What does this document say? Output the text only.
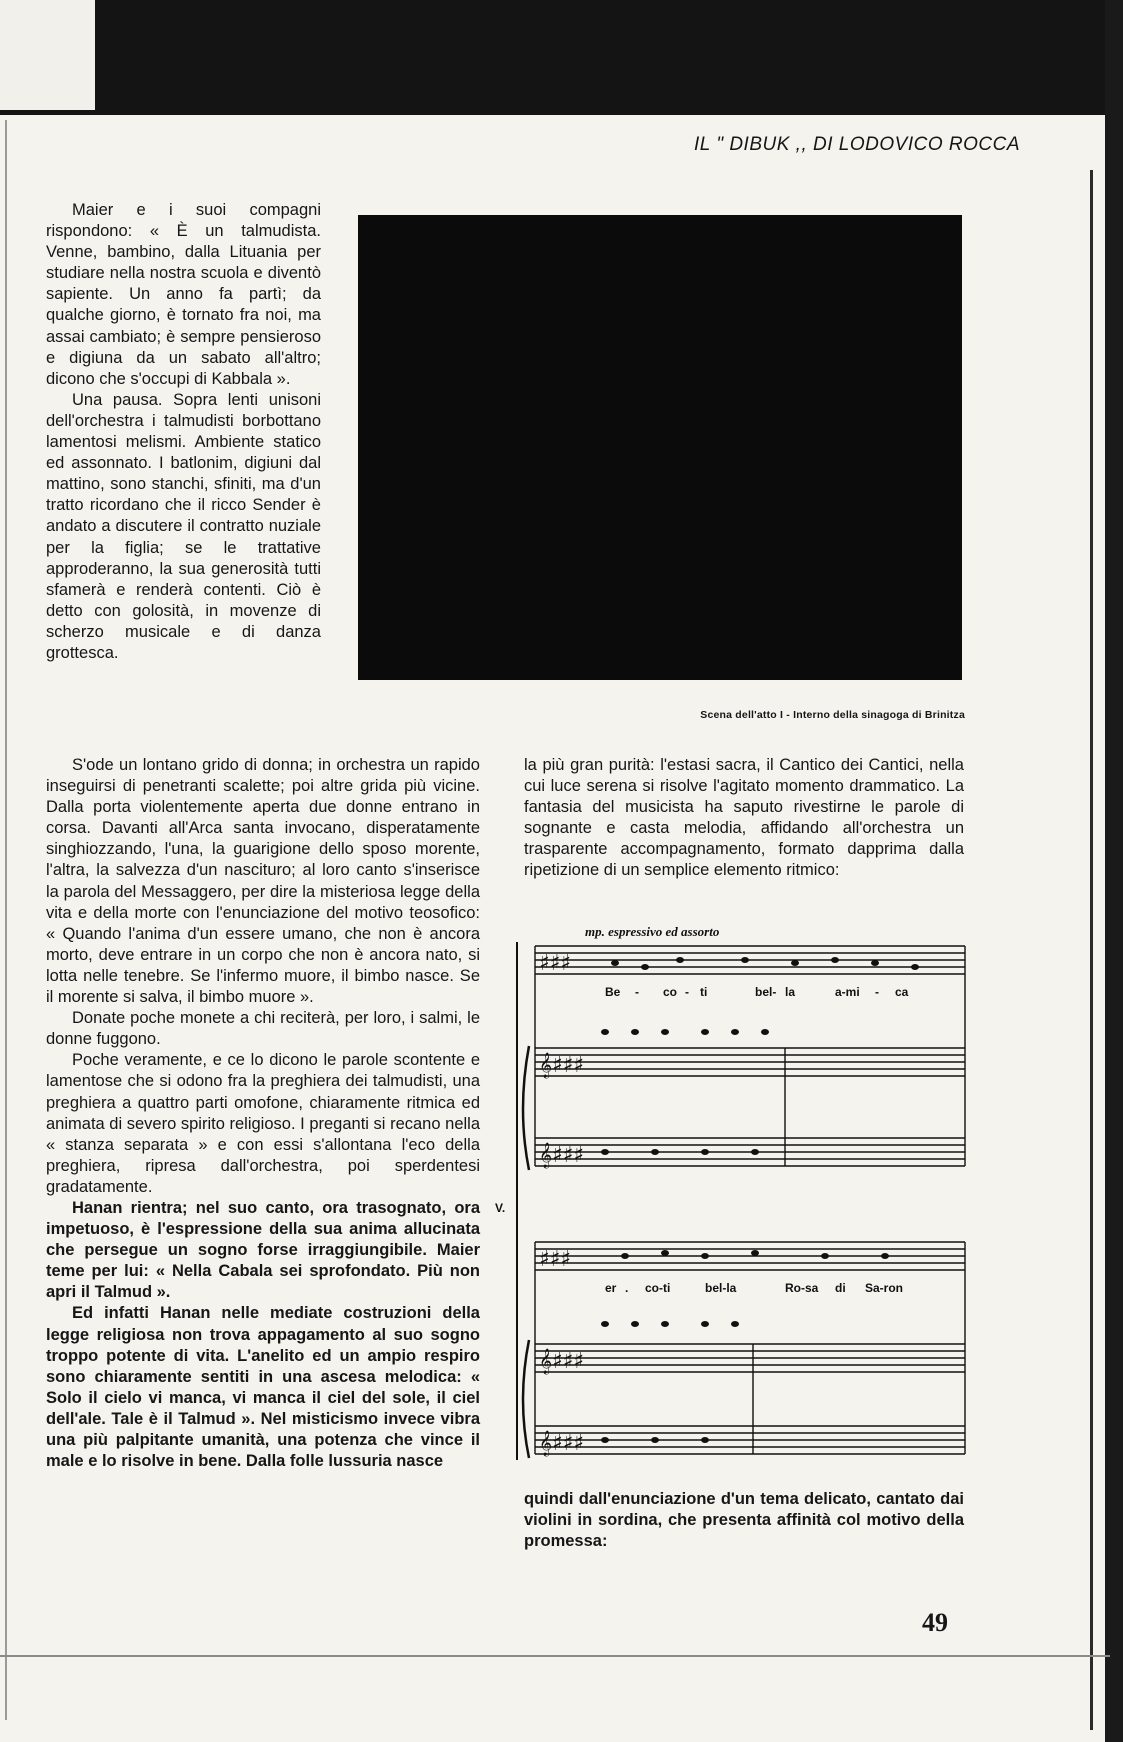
IL " DIBUK ,, DI LODOVICO ROCCA

Maier e i suoi compagni rispondono: « È un talmudista. Venne, bambino, dalla Lituania per studiare nella nostra scuola e diventò sapiente. Un anno fa partì; da qualche giorno, è tornato fra noi, ma assai cambiato; è sempre pensieroso e digiuna da un sabato all'altro; dicono che s'occupi di Kabbala ».

Una pausa. Sopra lenti unisoni dell'orchestra i talmudisti borbottano lamentosi melismi. Ambiente statico ed assonnato. I batlonim, digiuni dal mattino, sono stanchi, sfiniti, ma d'un tratto ricordano che il ricco Sender è andato a discutere il contratto nuziale per la figlia; se le trattative approderanno, la sua generosità tutti sfamerà e renderà contenti. Ciò è detto con golosità, in movenze di scherzo musicale e di danza grottesca.

Scena dell'atto I - Interno della sinagoga di Brinitza

S'ode un lontano grido di donna; in orchestra un rapido inseguirsi di penetranti scalette; poi altre grida più vicine. Dalla porta violentemente aperta due donne entrano in corsa. Davanti all'Arca santa invocano, disperatamente singhiozzando, l'una, la guarigione dello sposo morente, l'altra, la salvezza d'un nascituro; al loro canto s'inserisce la parola del Messaggero, per dire la misteriosa legge della vita e della morte con l'enunciazione del motivo teosofico: « Quando l'anima d'un essere umano, che non è ancora morto, deve entrare in un corpo che non è ancora nato, si lotta nelle tenebre. Se l'infermo muore, il bimbo nasce. Se il morente si salva, il bimbo muore ».

Donate poche monete a chi reciterà, per loro, i salmi, le donne fuggono.

Poche veramente, e ce lo dicono le parole scontente e lamentose che si odono fra la preghiera dei talmudisti, una preghiera a quattro parti omofone, chiaramente ritmica ed animata di severo spirito religioso. I preganti si recano nella « stanza separata » e con essi s'allontana l'eco della preghiera, ripresa dall'orchestra, poi sperdentesi gradatamente.

Hanan rientra; nel suo canto, ora trasognato, ora impetuoso, è l'espressione della sua anima allucinata che persegue un sogno forse irraggiungibile. Maier teme per lui: « Nella Cabala sei sprofondato. Più non apri il Talmud ».

Ed infatti Hanan nelle mediate costruzioni della legge religiosa non trova appagamento al suo sogno troppo potente di vita. L'anelito ed un ampio respiro sono chiaramente sentiti in una ascesa melodica: « Solo il cielo vi manca, vi manca il ciel del sole, il ciel dell'ale. Tale è il Talmud ». Nel misticismo invece vibra una più palpitante umanità, una potenza che vince il male e lo risolve in bene. Dalla folle lussuria nasce

la più gran purità: l'estasi sacra, il Cantico dei Cantici, nella cui luce serena si risolve l'agitato momento drammatico. La fantasia del musicista ha saputo rivestirne le parole di sognante e casta melodia, affidando all'orchestra un trasparente accompagnamento, formato dapprima dalla ripetizione di un semplice elemento ritmico:

♯♯♯
𝄞♯♯♯
𝄞♯♯♯
♯♯♯
𝄞♯♯♯
𝄞♯♯♯
mp. espressivo ed assorto
Be - co - ti	bel- la	a-mi - ca
er . co-ti	bel-la	Ro-sa di Sa-ron
V.

quindi dall'enunciazione d'un tema delicato, cantato dai violini in sordina, che presenta affinità col motivo della promessa:

49
